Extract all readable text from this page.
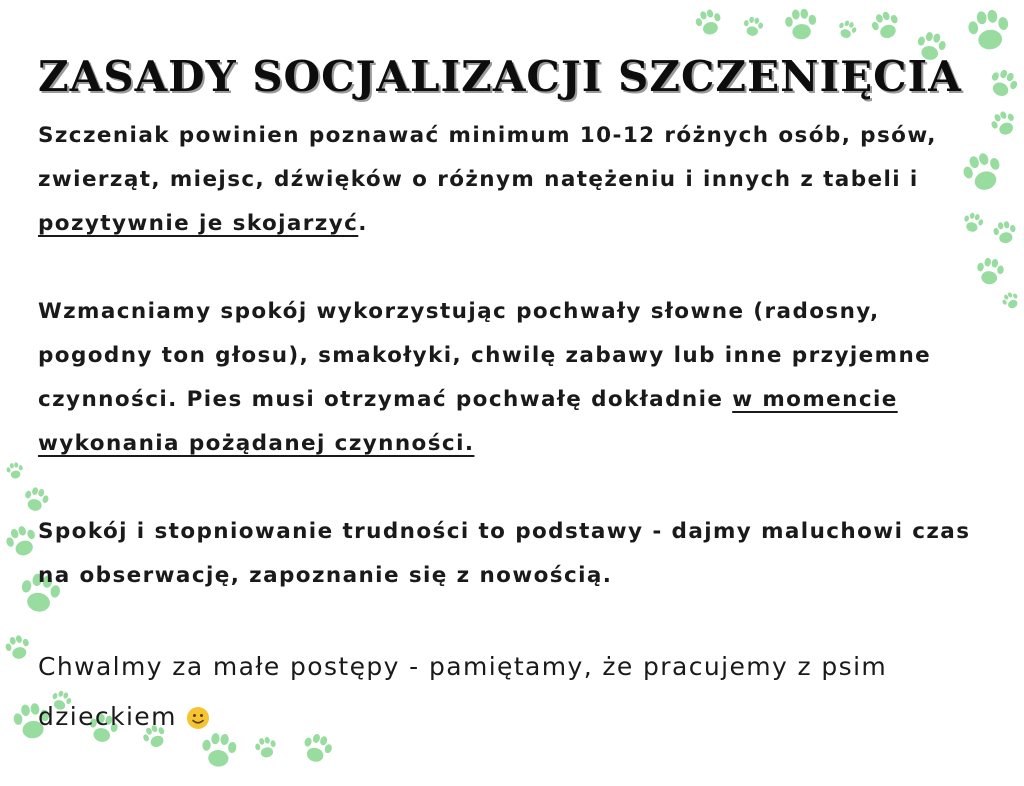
ZASADY SOCJALIZACJI SZCZENIĘCIA

Szczeniak powinien poznawać minimum 10-12 różnych osób, psów, zwierząt, miejsc, dźwięków o różnym natężeniu i innych z tabeli i pozytywnie je skojarzyć.

Wzmacniamy spokój wykorzystując pochwały słowne (radosny, pogodny ton głosu), smakołyki, chwilę zabawy lub inne przyjemne czynności. Pies musi otrzymać pochwałę dokładnie w momencie wykonania pożądanej czynności.

Spokój i stopniowanie trudności to podstawy - dajmy maluchowi czas na obserwację, zapoznanie się z nowością.

Chwalmy za małe postępy - pamiętamy, że pracujemy z psim dzieckiem
